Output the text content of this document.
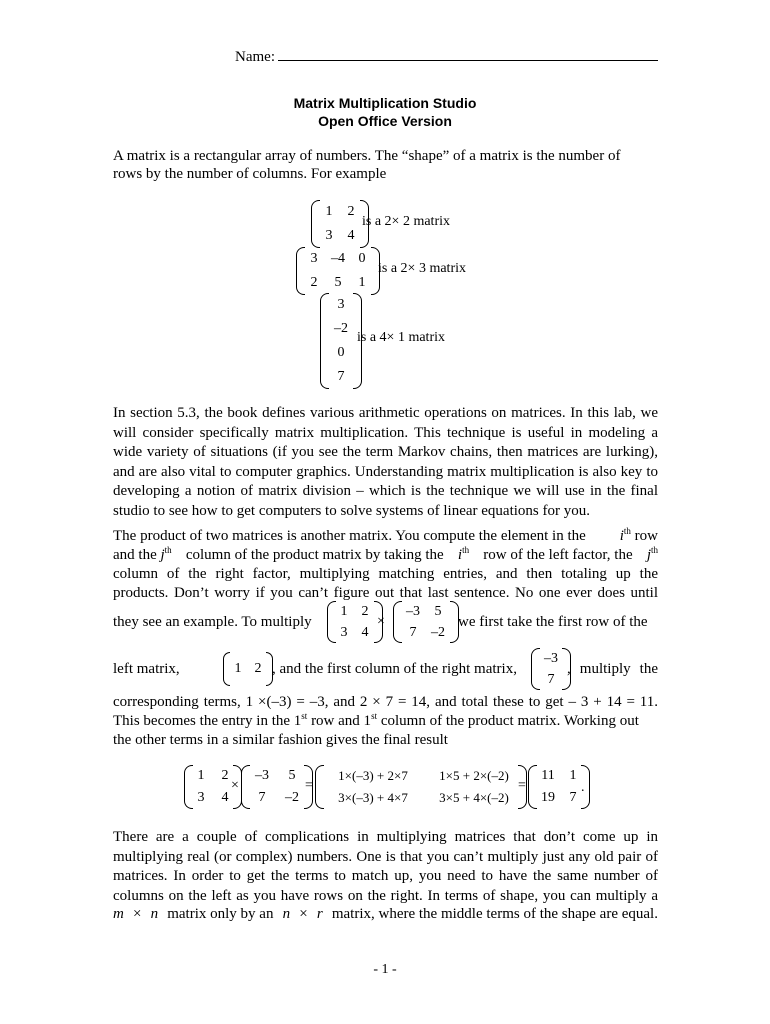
Name:
Matrix Multiplication Studio
Open Office Version
A matrix is a rectangular array of numbers. The “shape” of a matrix is the number of
rows by the number of columns. For example
1 2
3 4
is a 2× 2 matrix
3 –4 0
2	5	1
is a 2× 3 matrix
3
–2
0
7
is a 4× 1 matrix
In section 5.3, the book defines various arithmetic operations on matrices. In this lab, we will consider specifically matrix multiplication. This technique is useful in modeling a wide variety of situations (if you see the term Markov chains, then matrices are lurking), and are also vital to computer graphics. Understanding matrix multiplication is also key to developing a notion of matrix division – which is the technique we will use in the final studio to see how to get computers to solve systems of linear equations for you.
The product of two matrices is another matrix. You compute the element in the $i^{th}$ row
and the $j^{th}$ column of the product matrix by taking the $i^{th}$ row of the left factor, the $j^{th}$
column of the right factor, multiplying matching entries, and then totaling up the
products. Don’t worry if you can’t figure out that last sentence. No one ever does until
they see an example. To multiply
1 2
3 4
×
–3	5
7	–2
we first take the first row of the
left matrix,	1 2 , and the first column of the right matrix,
–3
7
, multiply the
corresponding terms, 1 ×(–3) = –3, and 2 × 7 = 14, and total these to get – 3 + 14 = 11.
This becomes the entry in the 1st row and 1st column of the product matrix. Working out
the other terms in a similar fashion gives the final result
1 2
3 4
×
–3	5
7	–2
=
1×(–3) + 2×7	1×5 + 2×(–2)
3×(–3) + 4×7	3×5 + 4×(–2)
=
11 1
19 7
.
There are a couple of complications in multiplying matrices that don’t come up in multiplying real (or complex) numbers. One is that you can’t multiply just any old pair of matrices. In order to get the terms to match up, you need to have the same number of columns on the left as you have rows on the right. In terms of shape, you can multiply a
m × n matrix only by an n × r matrix, where the middle terms of the shape are equal.
- 1 -
